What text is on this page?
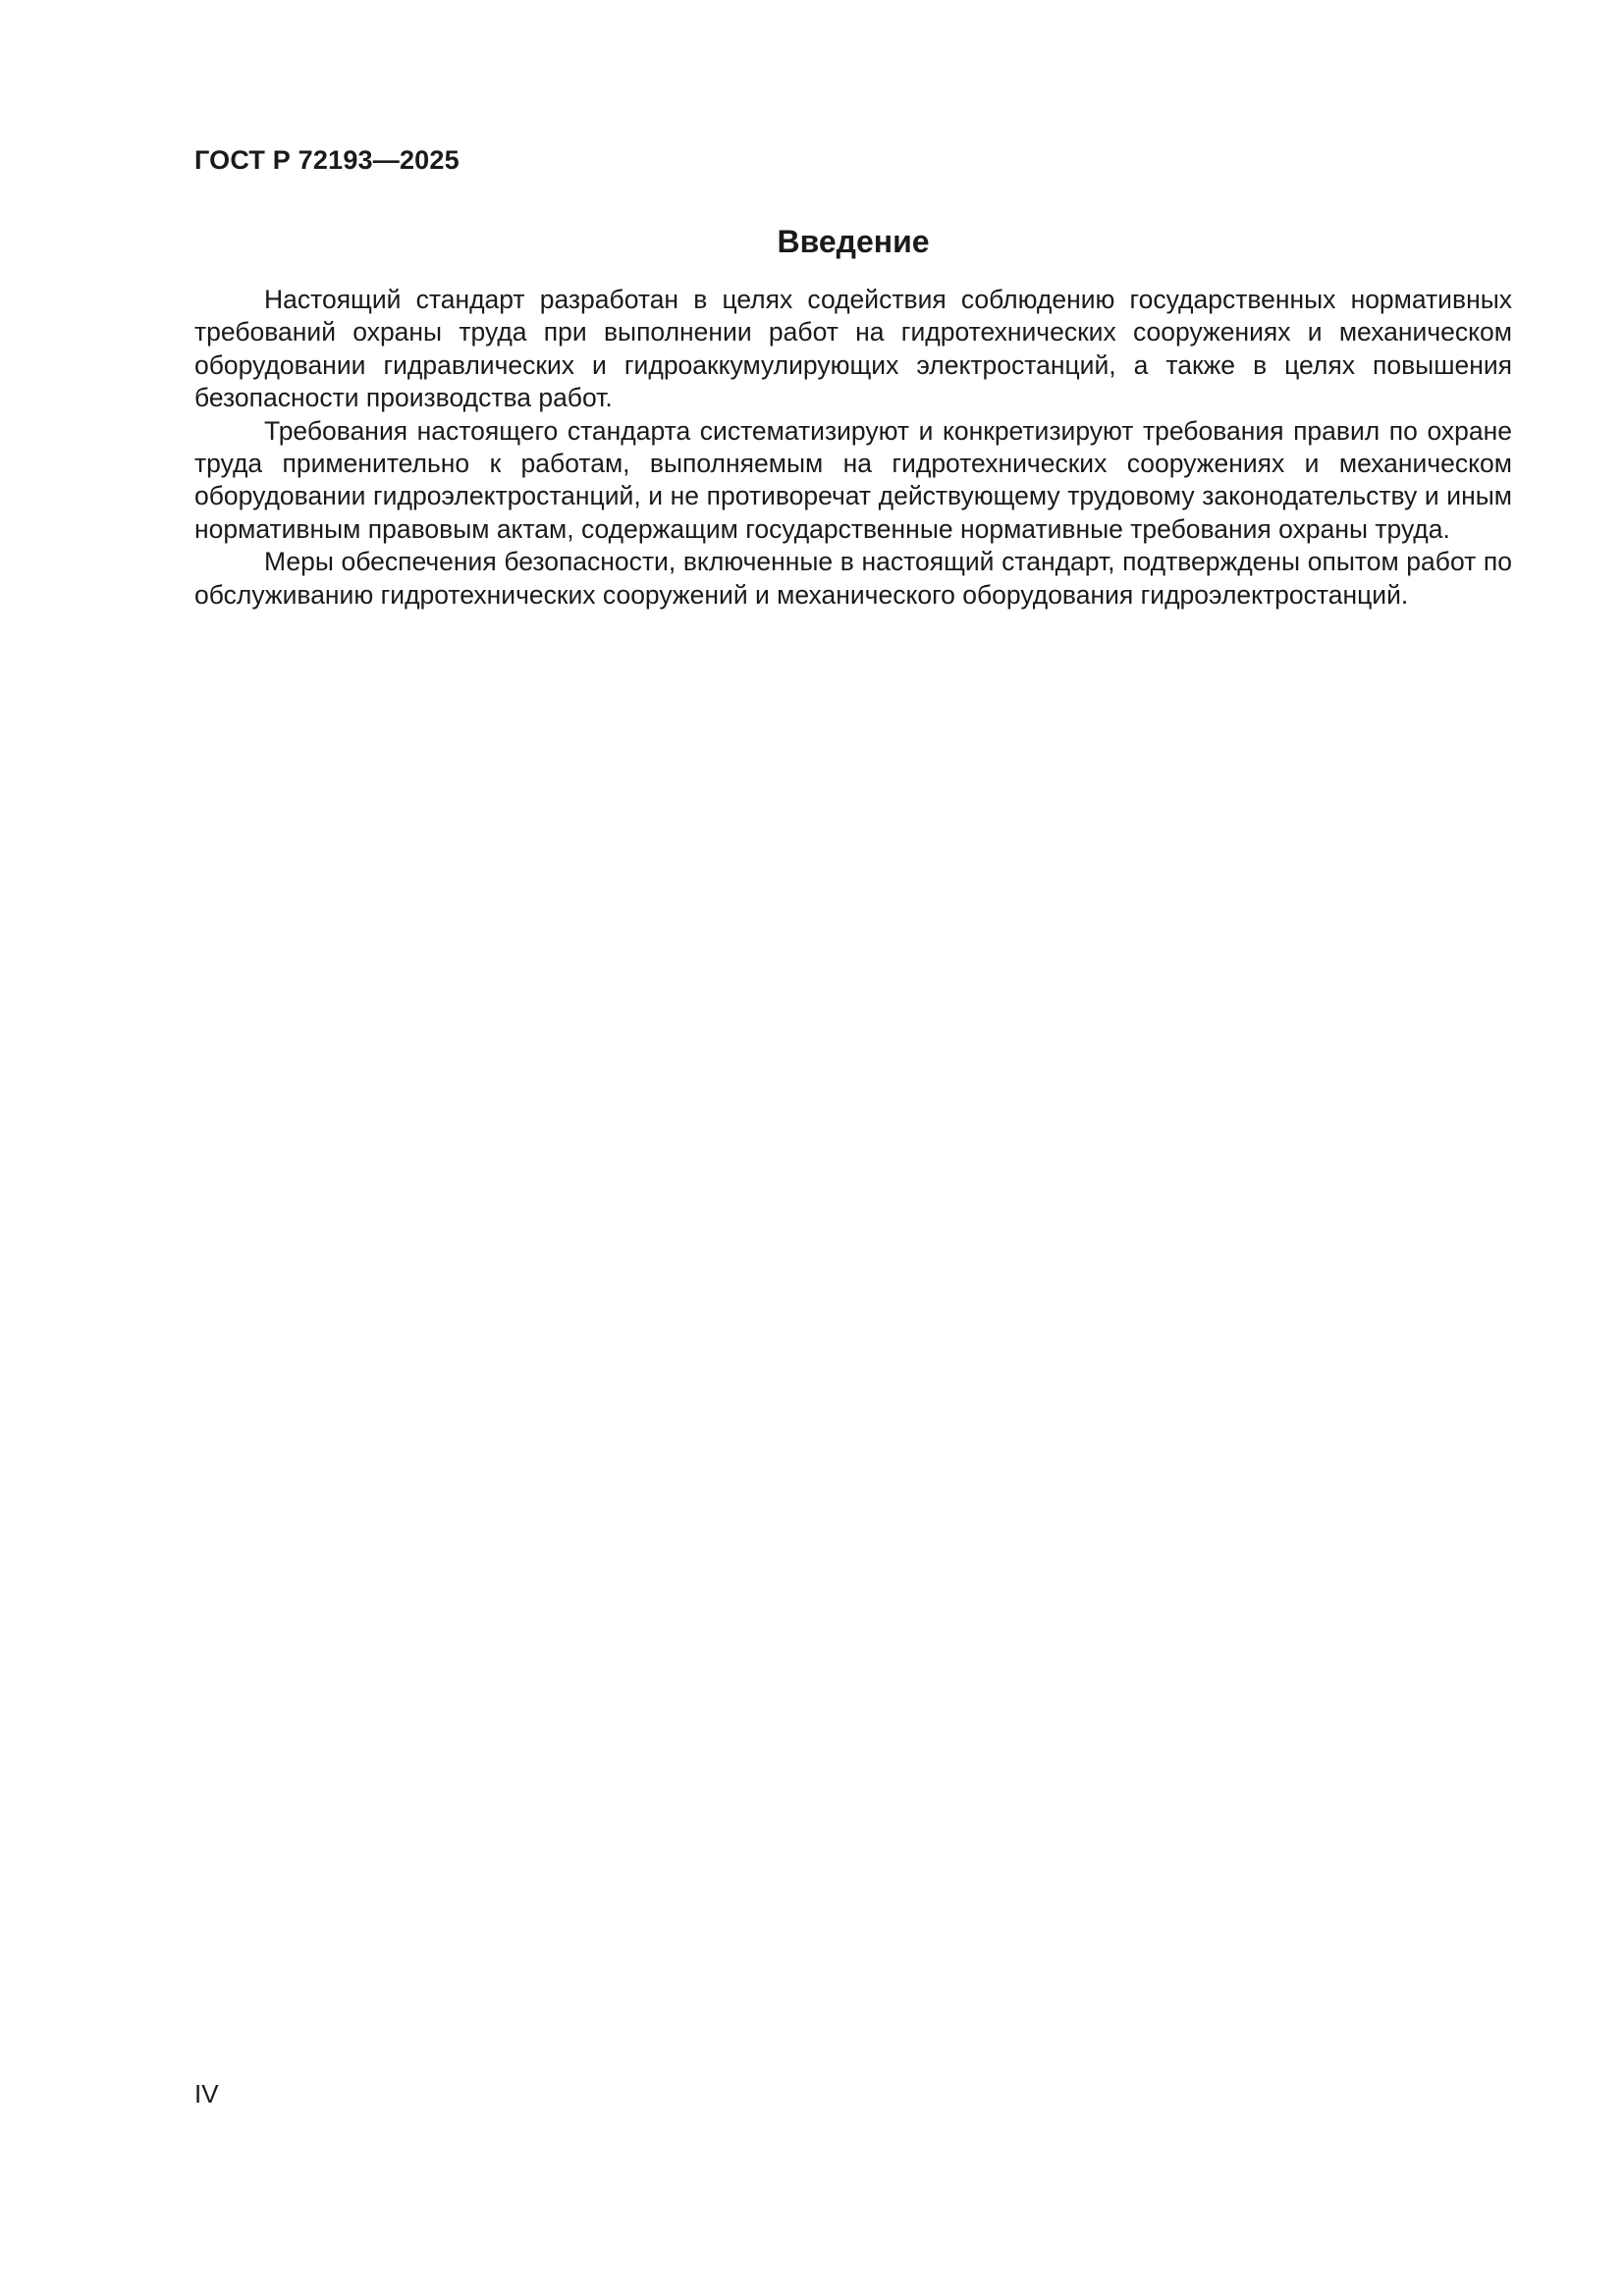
ГОСТ Р 72193—2025
Введение

Настоящий стандарт разработан в целях содействия соблюдению государственных нормативных требований охраны труда при выполнении работ на гидротехнических сооружениях и механическом оборудовании гидравлических и гидроаккумулирующих электростанций, а также в целях повышения безопасности производства работ.

Требования настоящего стандарта систематизируют и конкретизируют требования правил по охране труда применительно к работам, выполняемым на гидротехнических сооружениях и механическом оборудовании гидроэлектростанций, и не противоречат действующему трудовому законодательству и иным нормативным правовым актам, содержащим государственные нормативные требования охраны труда.

Меры обеспечения безопасности, включенные в настоящий стандарт, подтверждены опытом работ по обслуживанию гидротехнических сооружений и механического оборудования гидроэлектростанций.

IV
